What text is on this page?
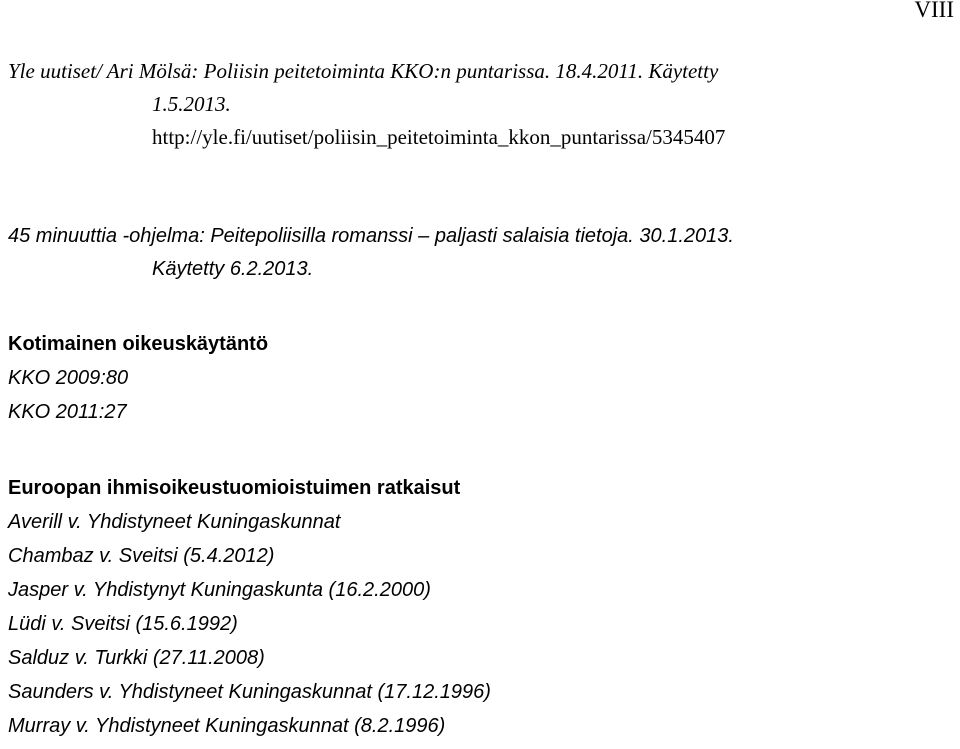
VIII
Yle uutiset/ Ari Mölsä: Poliisin peitetoiminta KKO:n puntarissa. 18.4.2011. Käytetty
1.5.2013.
http://yle.fi/uutiset/poliisin_peitetoiminta_kkon_puntarissa/5345407
45 minuuttia -ohjelma: Peitepoliisilla romanssi – paljasti salaisia tietoja. 30.1.2013.
Käytetty 6.2.2013.
Kotimainen oikeuskäytäntö
KKO 2009:80
KKO 2011:27
Euroopan ihmisoikeustuomioistuimen ratkaisut
Averill v. Yhdistyneet Kuningaskunnat
Chambaz v. Sveitsi (5.4.2012)
Jasper v. Yhdistynyt Kuningaskunta (16.2.2000)
Lüdi v. Sveitsi (15.6.1992)
Salduz v. Turkki (27.11.2008)
Saunders v. Yhdistyneet Kuningaskunnat (17.12.1996)
Murray v. Yhdistyneet Kuningaskunnat (8.2.1996)
